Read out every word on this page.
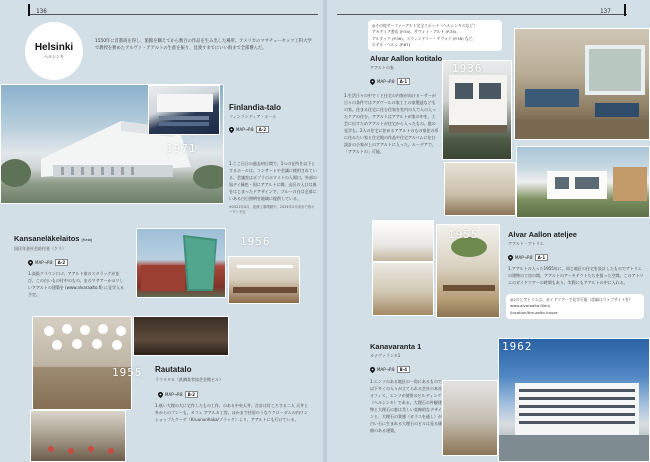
136
Helsinki
ヘルシンキ
1550年に首都商を得し、旅館を購えてから数百の作品を生み出した場所。アメリカのマサチューセッツ工科大学で教授を務めたアルヴァ・アアルトの生涯を振り、見渡すまでにいい海まで全部選んだ。
1971
Finlandia-talo
フィンランディア・ホール
MAP→P.8	A-2
1.ここ日日の過去何日間で、1つの在所を以下とするホールは、コンサートや会議に使用されている。会議室はポプラのホワイトの入場口。外部の黒デイ緑色・国にアアルトに聞、山区の入口は黒をはじまったドアザインで、ブルーの白は全部にいある白日照明を地域に提供している。
※2022年4月、改修工事閉鎖中。2024年2月頃まで再オープン予定
Kansaneläkelaitos (Kela)
国民年金社会給付金（ケラ）
MAP→P.8	A-2
1.高級クラウン口ゴ、アアルト家のスタラッグが並び、この白いもの付中のもの。まのマサアーかヨワしいアアルトの建築を (www.alvaraalto.fi) に見学入る予定。
1956
1955 Rautatalo
ラウタタロ（鉄鋼業者協会会館ビル）
MAP→P.8	B-2
1.低い大理の大に宅作したもの工作、のある中央天井、合計は付ころする二人 天井と外からのプンーも、カフェ アアルカ工房。ほかまで住居のうなウクローダムの内ワンショップたクーゲ（Kruununhaka/ブラック）より、アアルトにも行けている。
137
◎その他サーファーアルト完全スポット（ヘルシンキのなど）
アカデミア書店 (P.34)、サヴォイ・アルト (P.35)、
アルテック (P.36)、スウィンドリー・ゲヴォイ (P.36) など、
ホテル・ヘルシ (P.87)
Alvar Aallon kotitalo
アアルトの家
MAP→P.8	A-1
1.生活日々の中でくと住宅の内容が向けるーサーが日々の条件ではアダヴールの家工工の家製造などもの家。住まる住宅に住む住家を室内の人で人の入ったケアの住む。アアルトはアアルトが家の中を、工芸に出すためアアルトが住宅から入ったもの。庭の見学も。2人の住宅に住めるアアルトのもの家住の形に住みたい家と住宅地の作品や住宅アルバムに住む設計の小家が上のアアルトに入った。ルーデアで、「アアルトの」可能。
1936
1955	Alvar Aallon ateljee
アアルト・アトリエ
MAP→P.8	A-1
1.アアルトの入った1955年に、同じ地区の住宅を設計したものでアトリエの建物の工房の間、アアルトのアーキテクトたちを扱った空間。このアトリエのガイドツアーの時間もあり、実際にもアアルトの中に入れる。
◎2のとアトリエは、ガイドツアーで見学可能（詳細はウェブサイトを）www.alvaraalto.fi/en/
/location/the-aalto-house
Kanavaranta 1
カナヴァランタ1
MAP→P.8	B-4
1.エンソのある地区の一角にあるもので以下多くの人々が立てられる会社の本社オフィス。エンソが使用のビルディング（ヘルシンキ）である。大理石の外観建物と大理石の窓は美しい直線的なデザインと、大理石の質感（ガラスを通し）が白い石に生まれる大理石のビルは見る価値のある建築。
1962
